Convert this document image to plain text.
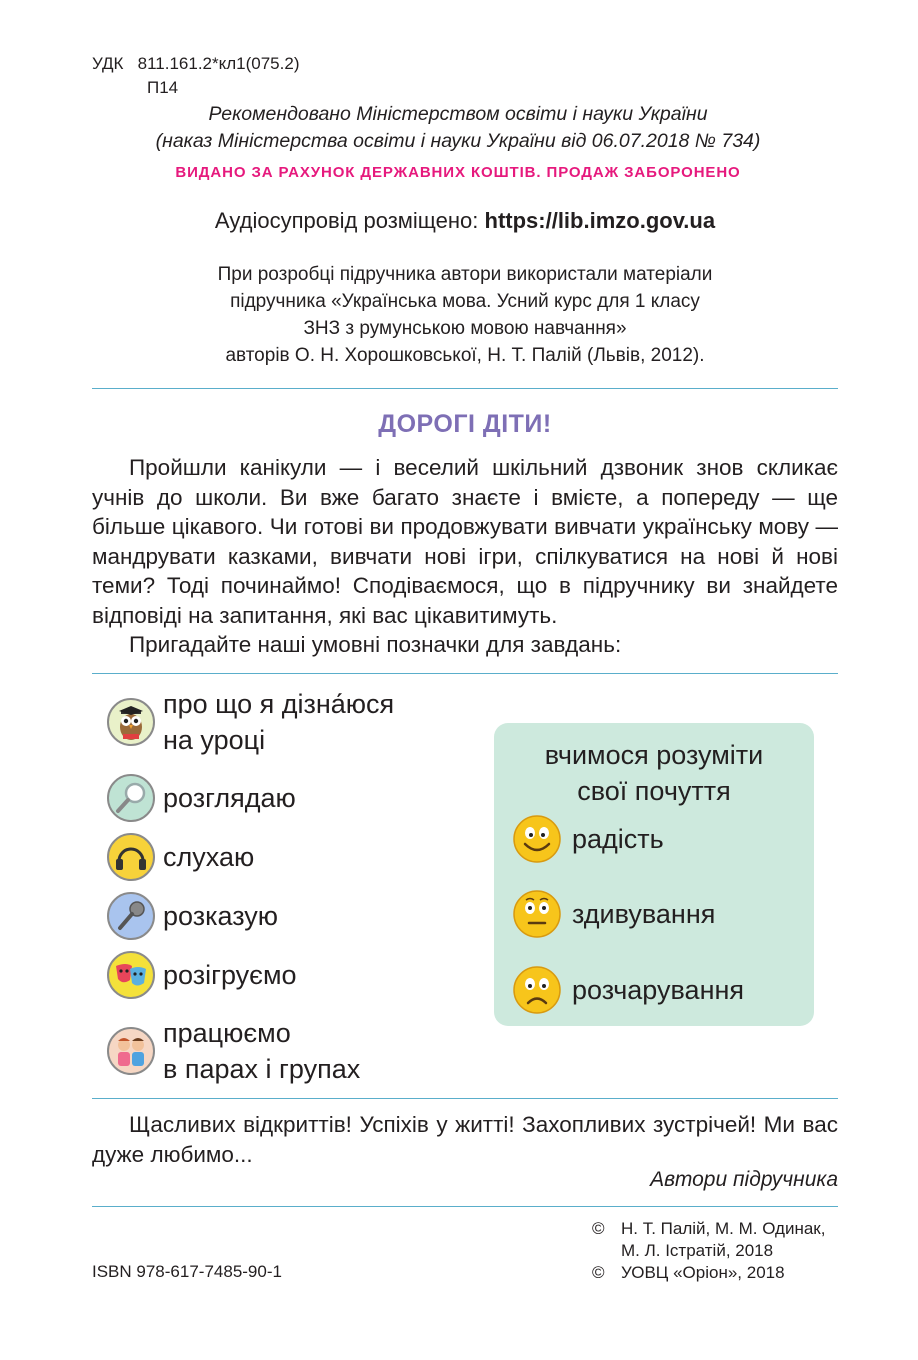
УДК 811.161.2*кл1(075.2)
П14
Рекомендовано Міністерством освіти і науки України
(наказ Міністерства освіти і науки України від 06.07.2018 № 734)
ВИДАНО ЗА РАХУНОК ДЕРЖАВНИХ КОШТІВ. ПРОДАЖ ЗАБОРОНЕНО
Аудіосупровід розміщено: https://lib.imzo.gov.ua
При розробці підручника автори використали матеріали
підручника «Українська мова. Усний курс для 1 класу
ЗНЗ з румунською мовою навчання»
авторів О. Н. Хорошковської, Н. Т. Палій (Львів, 2012).
ДОРОГІ ДІТИ!

Пройшли канікули — і веселий шкільний дзвоник знов скликає учнів до школи. Ви вже багато знаєте і вмієте, а попереду — ще більше цікавого. Чи готові ви продовжувати вивчати українську мову — мандрувати казками, вивчати нові ігри, спілкуватися на нові й нові теми? Тоді починаймо! Сподіваємося, що в підручнику ви знайдете відповіді на запитання, які вас цікавитимуть.

Пригадайте наші умовні позначки для завдань:

про що я дізна́юся
на уроці
розглядаю
слухаю
розказую
розігруємо
працюємо
в парах і групах
вчимося розуміти
свої почуття
радість
здивування
розчарування

Щасливих відкриттів! Успіхів у житті! Захопливих зустрічей! Ми вас дуже любимо...

Автори підручника
© Н. Т. Палій, М. М. Одинак,
М. Л. Істратій, 2018
© УОВЦ «Оріон», 2018
ISBN 978-617-7485-90-1
